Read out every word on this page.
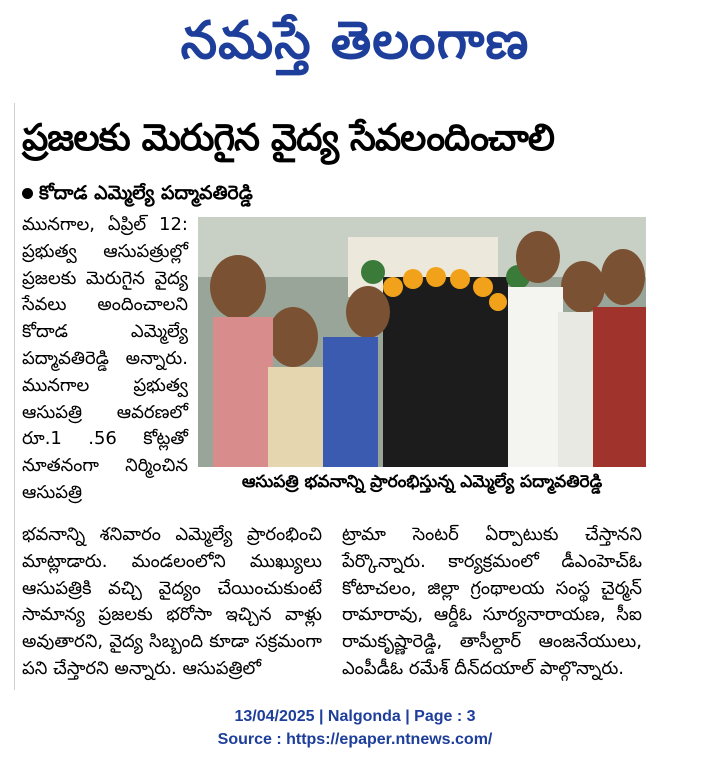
నమస్తే తెలంగాణ
ప్రజలకు మెరుగైన వైద్య సేవలందించాలి
కోదాడ ఎమ్మెల్యే పద్మావతిరెడ్డి
మునగాల, ఏప్రిల్ 12: ప్రభుత్వ ఆసుపత్రుల్లో ప్రజలకు మెరుగైన వైద్య సేవలు అందించాలని కోదాడ ఎమ్మెల్యే పద్మావతిరెడ్డి అన్నారు. మునగాల ప్రభుత్వ ఆసుపత్రి ఆవరణలో రూ.1 .56 కోట్లతో నూతనంగా నిర్మించిన ఆసుపత్రి	ఆసుపత్రి భవనాన్ని ప్రారంభిస్తున్న ఎమ్మెల్యే పద్మావతిరెడ్డి
భవనాన్ని శనివారం ఎమ్మెల్యే ప్రారంభించి మాట్లాడారు. మండలంలోని ముఖ్యులు ఆసుపత్రికి వచ్చి వైద్యం చేయించుకుంటే సామాన్య ప్రజలకు భరోసా ఇచ్చిన వాళ్లు అవుతారని, వైద్య సిబ్బంది కూడా సక్రమంగా పని చేస్తారని అన్నారు. ఆసుపత్రిలో
ట్రామా సెంటర్ ఏర్పాటుకు చేస్తానని పేర్కొన్నారు. కార్యక్రమంలో డీఎంహెచ్ఓ కోటాచలం, జిల్లా గ్రంథాలయ సంస్థ చైర్మన్ రామారావు, ఆర్డీఓ సూర్యనారాయణ, సీఐ రామకృష్ణారెడ్డి, తాసీల్దార్ ఆంజనేయులు, ఎంపీడీఓ రమేశ్ దీన్‌దయాల్ పాల్గొన్నారు.
13/04/2025 | Nalgonda | Page : 3
Source : https://epaper.ntnews.com/
